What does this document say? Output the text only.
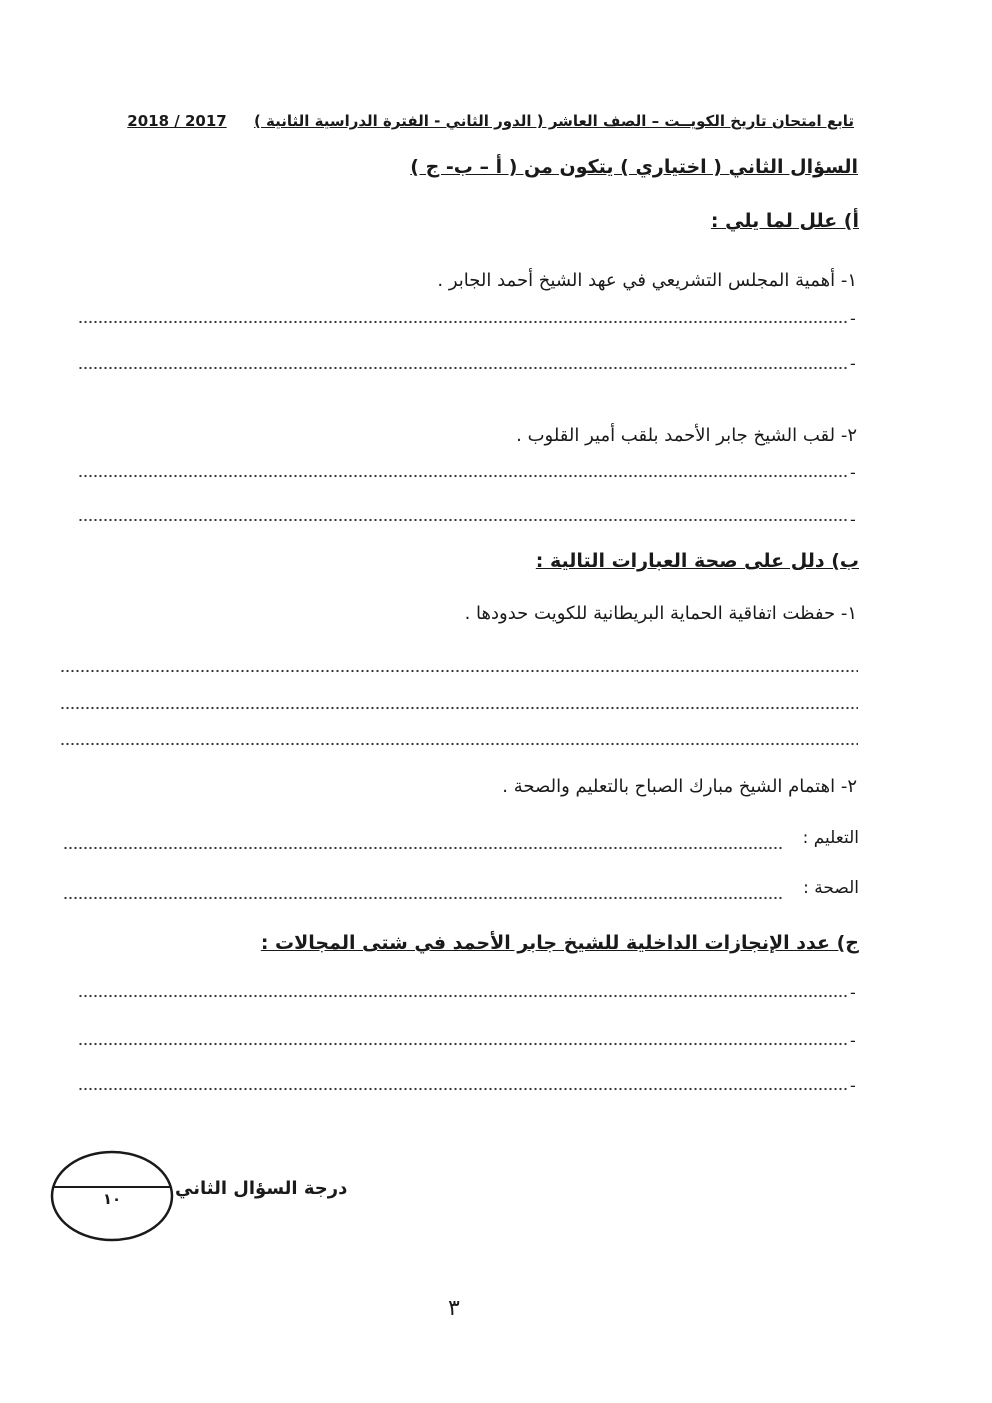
تابع امتحان تاريخ الكويــت – الصف العاشر ( الدور الثاني - الفترة الدراسية الثانية ) 2018 / 2017
السؤال الثاني ( اختياري ) يتكون من ( أ – ب- ج )
أ) علل لما يلي :
١- أهمية المجلس التشريعي في عهد الشيخ أحمد الجابر .
-
-
٢- لقب الشيخ جابر الأحمد بلقب أمير القلوب .
-
-
ب) دلل على صحة العبارات التالية :
١- حفظت اتفاقية الحماية البريطانية للكويت حدودها .
٢- اهتمام الشيخ مبارك الصباح بالتعليم والصحة .
التعليم :
الصحة :
ج) عدد الإنجازات الداخلية للشيخ جابر الأحمد في شتى المجالات :
-
-
-
١٠	درجة السؤال الثاني
٣
